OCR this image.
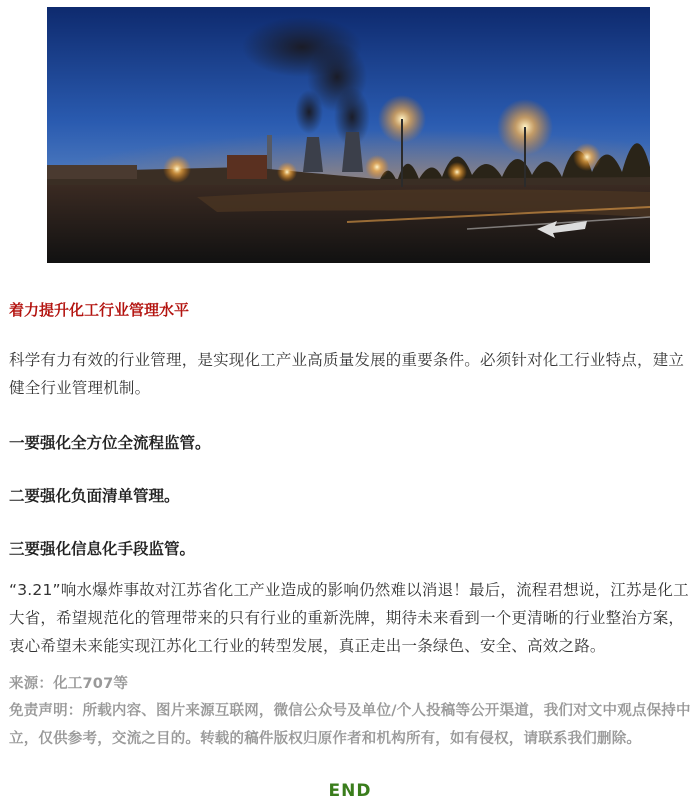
着力提升化工行业管理水平
科学有力有效的行业管理，是实现化工产业高质量发展的重要条件。必须针对化工行业特点，建立健全行业管理机制。
一要强化全方位全流程监管。
二要强化负面清单管理。
三要强化信息化手段监管。
“3.21”响水爆炸事故对江苏省化工产业造成的影响仍然难以消退！最后，流程君想说，江苏是化工大省，希望规范化的管理带来的只有行业的重新洗牌，期待未来看到一个更清晰的行业整治方案，衷心希望未来能实现江苏化工行业的转型发展，真正走出一条绿色、安全、高效之路。
来源：化工707等
免责声明：所载内容、图片来源互联网，微信公众号及单位/个人投稿等公开渠道，我们对文中观点保持中立，仅供参考，交流之目的。转载的稿件版权归原作者和机构所有，如有侵权，请联系我们删除。
END
